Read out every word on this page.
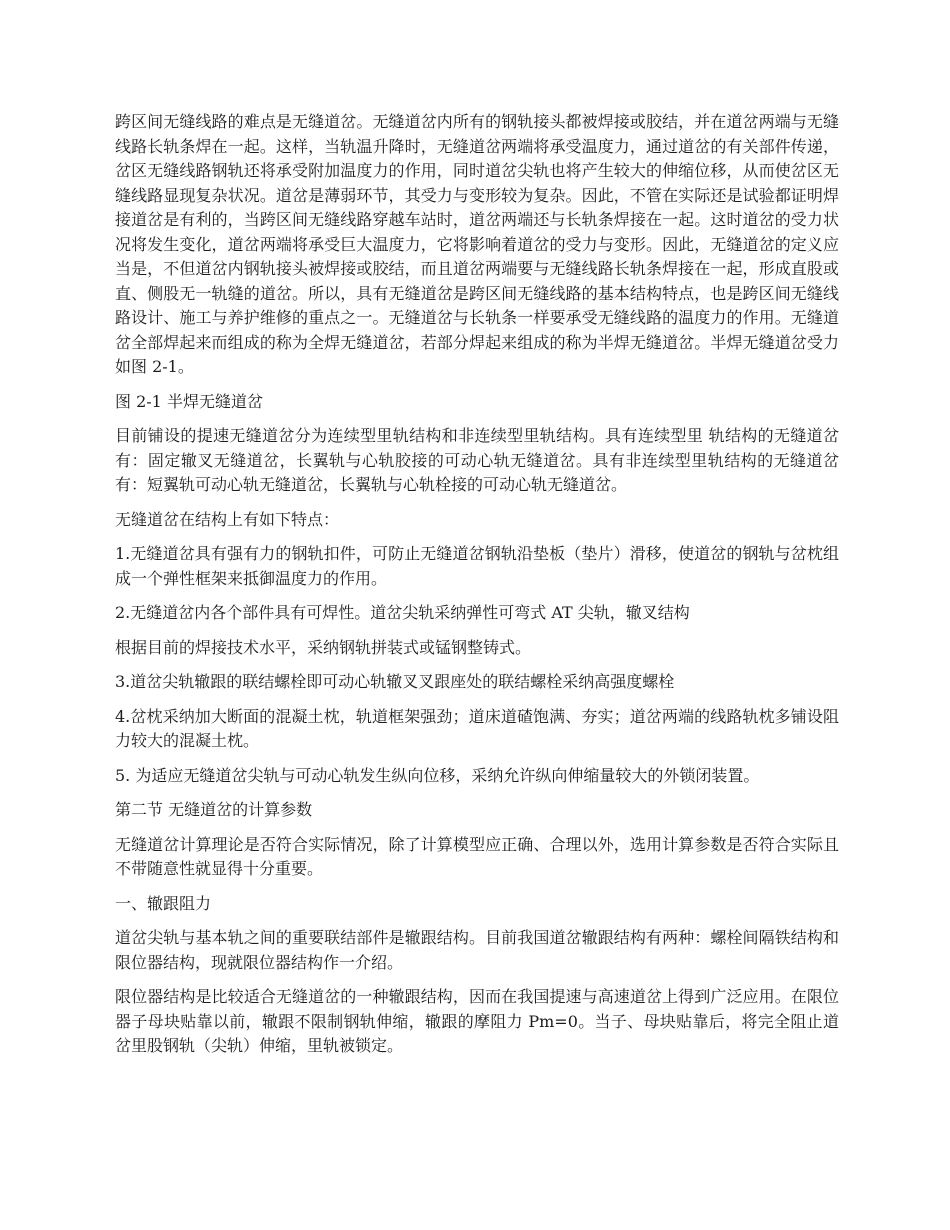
跨区间无缝线路的难点是无缝道岔。无缝道岔内所有的钢轨接头都被焊接或胶结，并在道岔两端与无缝线路长轨条焊在一起。这样，当轨温升降时，无缝道岔两端将承受温度力，通过道岔的有关部件传递，岔区无缝线路钢轨还将承受附加温度力的作用，同时道岔尖轨也将产生较大的伸缩位移，从而使岔区无缝线路显现复杂状况。道岔是薄弱环节，其受力与变形较为复杂。因此，不管在实际还是试验都证明焊接道岔是有利的，当跨区间无缝线路穿越车站时，道岔两端还与长轨条焊接在一起。这时道岔的受力状况将发生变化，道岔两端将承受巨大温度力，它将影响着道岔的受力与变形。因此，无缝道岔的定义应当是，不但道岔内钢轨接头被焊接或胶结，而且道岔两端要与无缝线路长轨条焊接在一起，形成直股或直、侧股无一轨缝的道岔。所以，具有无缝道岔是跨区间无缝线路的基本结构特点，也是跨区间无缝线路设计、施工与养护维修的重点之一。无缝道岔与长轨条一样要承受无缝线路的温度力的作用。无缝道岔全部焊起来而组成的称为全焊无缝道岔，若部分焊起来组成的称为半焊无缝道岔。半焊无缝道岔受力如图 2-1。

图 2-1 半焊无缝道岔

目前铺设的提速无缝道岔分为连续型里轨结构和非连续型里轨结构。具有连续型里 轨结构的无缝道岔有：固定辙叉无缝道岔，长翼轨与心轨胶接的可动心轨无缝道岔。具有非连续型里轨结构的无缝道岔有：短翼轨可动心轨无缝道岔，长翼轨与心轨栓接的可动心轨无缝道岔。

无缝道岔在结构上有如下特点：

1.无缝道岔具有强有力的钢轨扣件，可防止无缝道岔钢轨沿垫板（垫片）滑移，使道岔的钢轨与岔枕组成一个弹性框架来抵御温度力的作用。

2.无缝道岔内各个部件具有可焊性。道岔尖轨采纳弹性可弯式 AT 尖轨，辙叉结构

根据目前的焊接技术水平，采纳钢轨拼装式或锰钢整铸式。

3.道岔尖轨辙跟的联结螺栓即可动心轨辙叉叉跟座处的联结螺栓采纳高强度螺栓

4.岔枕采纳加大断面的混凝土枕，轨道框架强劲；道床道碴饱满、夯实；道岔两端的线路轨枕多铺设阻力较大的混凝土枕。

5. 为适应无缝道岔尖轨与可动心轨发生纵向位移，采纳允许纵向伸缩量较大的外锁闭装置。

第二节 无缝道岔的计算参数

无缝道岔计算理论是否符合实际情况，除了计算模型应正确、合理以外，选用计算参数是否符合实际且不带随意性就显得十分重要。

一、辙跟阻力

道岔尖轨与基本轨之间的重要联结部件是辙跟结构。目前我国道岔辙跟结构有两种：螺栓间隔铁结构和限位器结构，现就限位器结构作一介绍。

限位器结构是比较适合无缝道岔的一种辙跟结构，因而在我国提速与高速道岔上得到广泛应用。在限位器子母块贴靠以前，辙跟不限制钢轨伸缩，辙跟的摩阻力 Pm=0。当子、母块贴靠后，将完全阻止道岔里股钢轨（尖轨）伸缩，里轨被锁定。
